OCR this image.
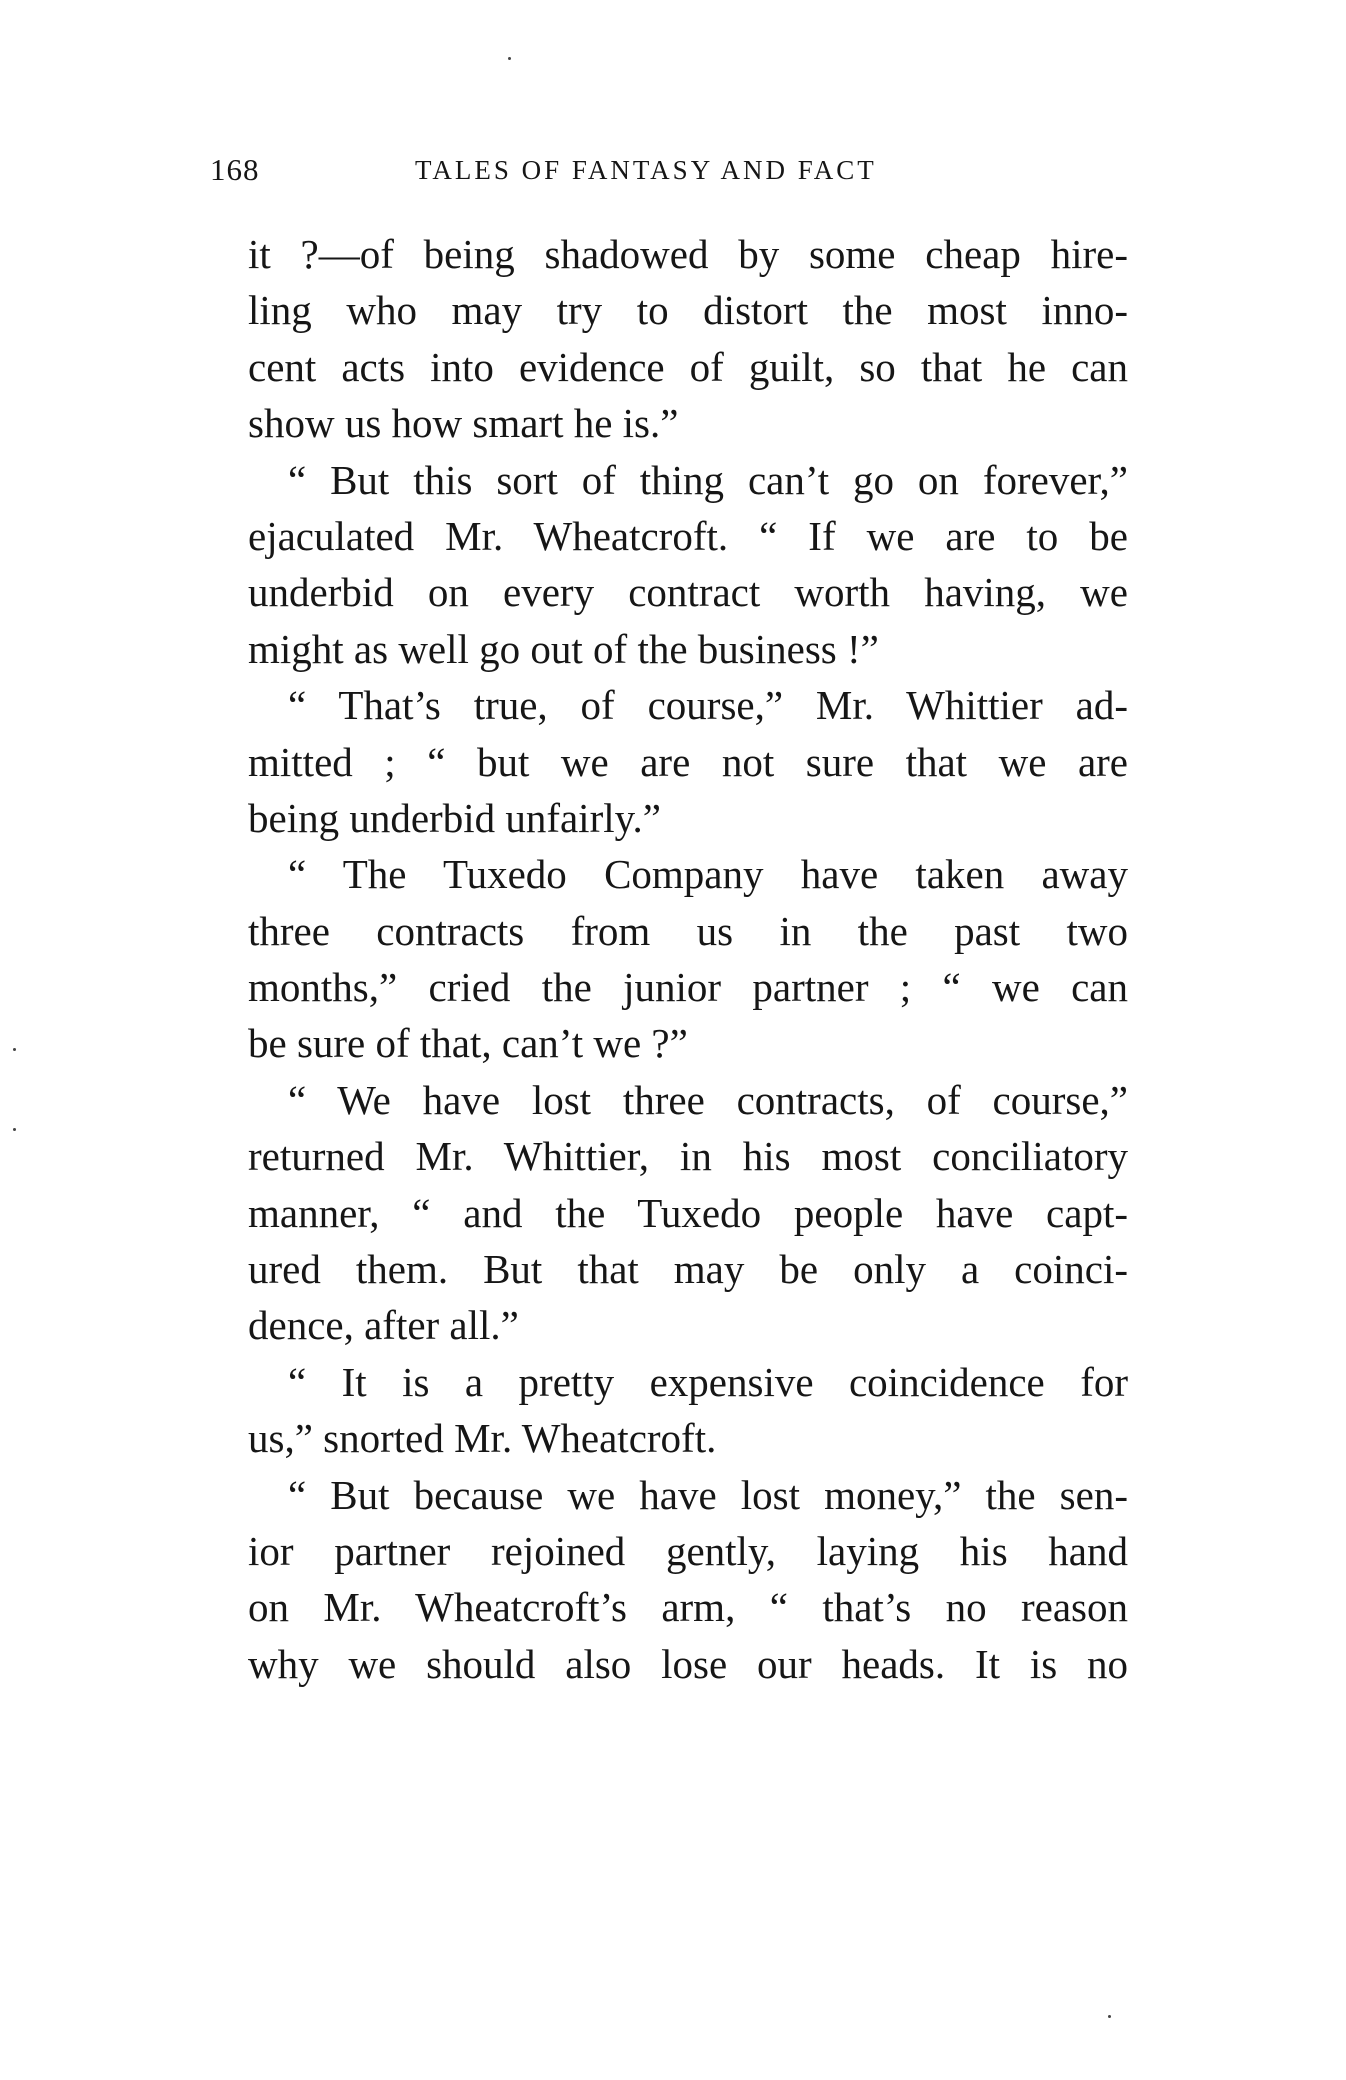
168	TALES OF FANTASY AND FACT
it ?—of being shadowed by some cheap hire-
ling who may try to distort the most inno-
cent acts into evidence of guilt, so that he can
show us how smart he is.”
“ But this sort of thing can’t go on forever,”
ejaculated Mr. Wheatcroft. “ If we are to be
underbid on every contract worth having, we
might as well go out of the business !”
“ That’s true, of course,” Mr. Whittier ad-
mitted ; “ but we are not sure that we are
being underbid unfairly.”
“ The Tuxedo Company have taken away
three contracts from us in the past two
months,” cried the junior partner ; “ we can
be sure of that, can’t we ?”
“ We have lost three contracts, of course,”
returned Mr. Whittier, in his most conciliatory
manner, “ and the Tuxedo people have capt-
ured them. But that may be only a coinci-
dence, after all.”
“ It is a pretty expensive coincidence for
us,” snorted Mr. Wheatcroft.
“ But because we have lost money,” the sen-
ior partner rejoined gently, laying his hand
on Mr. Wheatcroft’s arm, “ that’s no reason
why we should also lose our heads. It is no
